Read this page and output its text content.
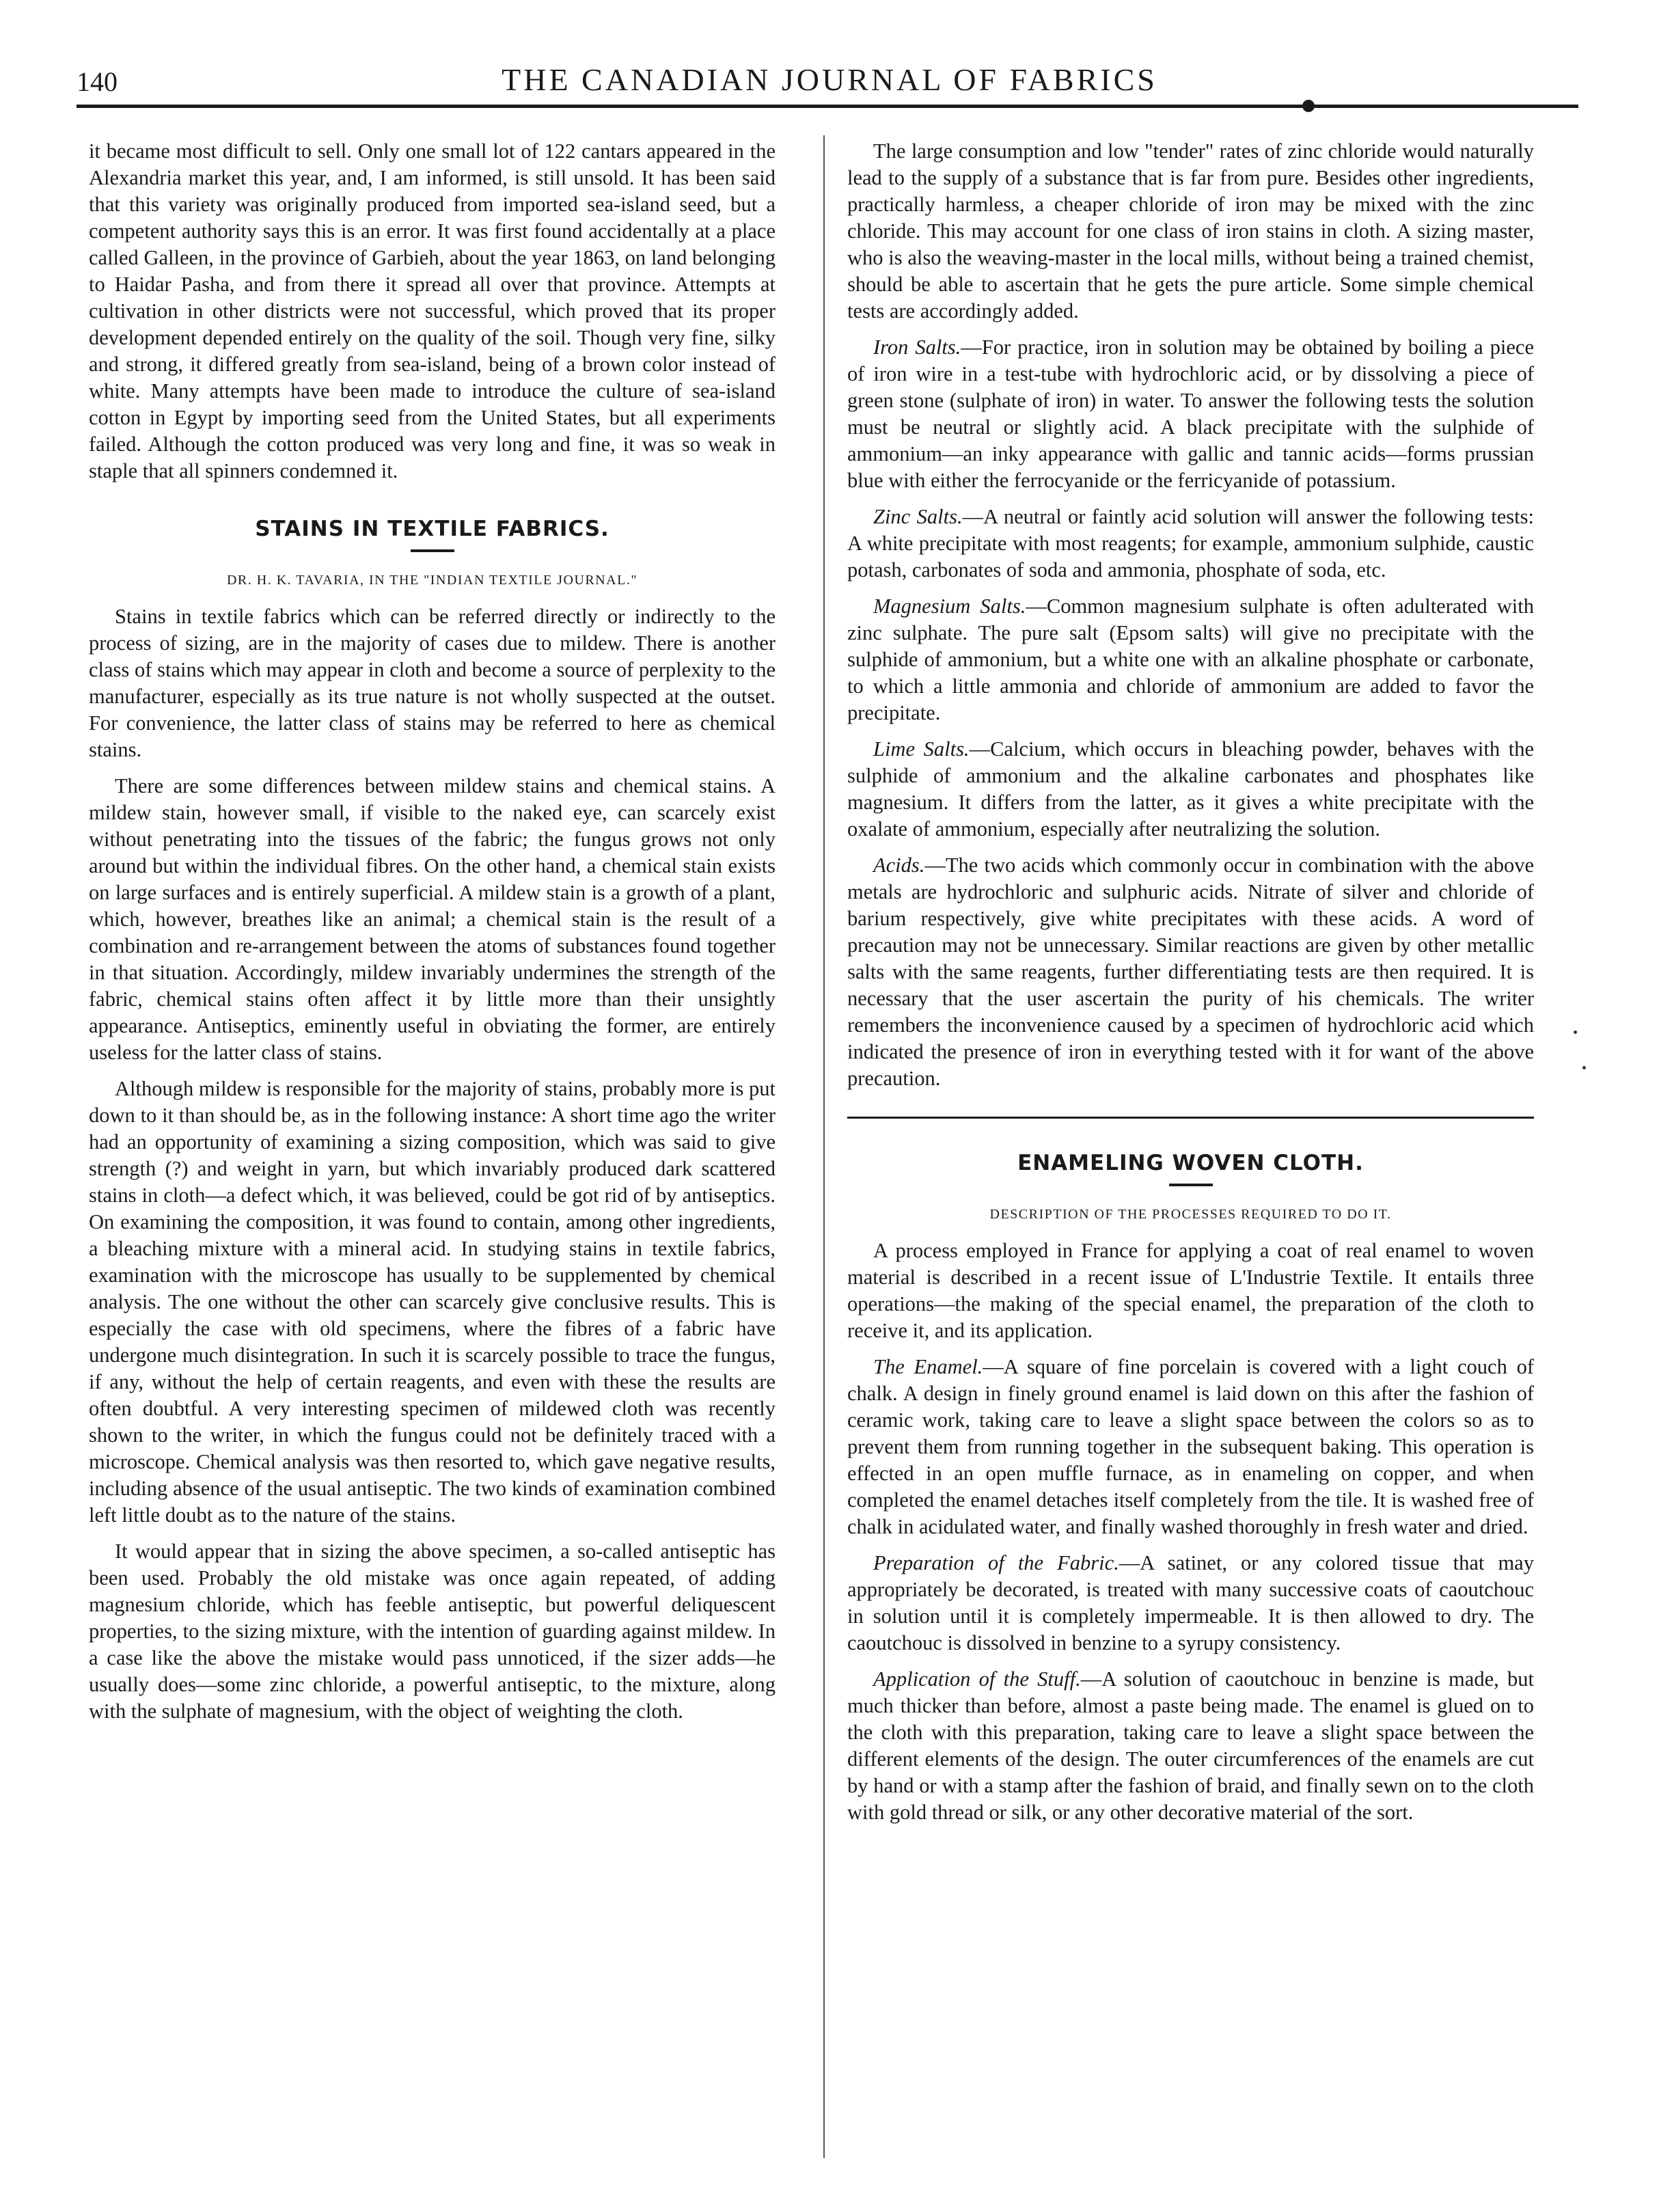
140	THE CANADIAN JOURNAL OF FABRICS

it became most difficult to sell. Only one small lot of 122 cantars appeared in the Alexandria market this year, and, I am informed, is still unsold. It has been said that this variety was originally produced from imported sea-island seed, but a competent authority says this is an error. It was first found accidentally at a place called Galleen, in the province of Garbieh, about the year 1863, on land belonging to Haidar Pasha, and from there it spread all over that province. Attempts at cultivation in other districts were not successful, which proved that its proper development depended entirely on the quality of the soil. Though very fine, silky and strong, it differed greatly from sea-island, being of a brown color instead of white. Many attempts have been made to introduce the culture of sea-island cotton in Egypt by importing seed from the United States, but all experiments failed. Although the cotton produced was very long and fine, it was so weak in staple that all spinners condemned it.

STAINS IN TEXTILE FABRICS.
DR. H. K. TAVARIA, IN THE "INDIAN TEXTILE JOURNAL."

Stains in textile fabrics which can be referred directly or indirectly to the process of sizing, are in the majority of cases due to mildew. There is another class of stains which may appear in cloth and become a source of perplexity to the manufacturer, especially as its true nature is not wholly suspected at the outset. For convenience, the latter class of stains may be referred to here as chemical stains.

There are some differences between mildew stains and chemical stains. A mildew stain, however small, if visible to the naked eye, can scarcely exist without penetrating into the tissues of the fabric; the fungus grows not only around but within the individual fibres. On the other hand, a chemical stain exists on large surfaces and is entirely superficial. A mildew stain is a growth of a plant, which, however, breathes like an animal; a chemical stain is the result of a combination and re-arrangement between the atoms of substances found together in that situation. Accordingly, mildew invariably undermines the strength of the fabric, chemical stains often affect it by little more than their unsightly appearance. Antiseptics, eminently useful in obviating the former, are entirely useless for the latter class of stains.

Although mildew is responsible for the majority of stains, probably more is put down to it than should be, as in the following instance: A short time ago the writer had an opportunity of examining a sizing composition, which was said to give strength (?) and weight in yarn, but which invariably produced dark scattered stains in cloth—a defect which, it was believed, could be got rid of by antiseptics. On examining the composition, it was found to contain, among other ingredients, a bleaching mixture with a mineral acid. In studying stains in textile fabrics, examination with the microscope has usually to be supplemented by chemical analysis. The one without the other can scarcely give conclusive results. This is especially the case with old specimens, where the fibres of a fabric have undergone much disintegration. In such it is scarcely possible to trace the fungus, if any, without the help of certain reagents, and even with these the results are often doubtful. A very interesting specimen of mildewed cloth was recently shown to the writer, in which the fungus could not be definitely traced with a microscope. Chemical analysis was then resorted to, which gave negative results, including absence of the usual antiseptic. The two kinds of examination combined left little doubt as to the nature of the stains.

It would appear that in sizing the above specimen, a so-called antiseptic has been used. Probably the old mistake was once again repeated, of adding magnesium chloride, which has feeble antiseptic, but powerful deliquescent properties, to the sizing mixture, with the intention of guarding against mildew. In a case like the above the mistake would pass unnoticed, if the sizer adds—he usually does—some zinc chloride, a powerful antiseptic, to the mixture, along with the sulphate of magnesium, with the object of weighting the cloth.

The large consumption and low "tender" rates of zinc chloride would naturally lead to the supply of a substance that is far from pure. Besides other ingredients, practically harmless, a cheaper chloride of iron may be mixed with the zinc chloride. This may account for one class of iron stains in cloth. A sizing master, who is also the weaving-master in the local mills, without being a trained chemist, should be able to ascertain that he gets the pure article. Some simple chemical tests are accordingly added.

Iron Salts.—For practice, iron in solution may be obtained by boiling a piece of iron wire in a test-tube with hydrochloric acid, or by dissolving a piece of green stone (sulphate of iron) in water. To answer the following tests the solution must be neutral or slightly acid. A black precipitate with the sulphide of ammonium—an inky appearance with gallic and tannic acids—forms prussian blue with either the ferrocyanide or the ferricyanide of potassium.

Zinc Salts.—A neutral or faintly acid solution will answer the following tests: A white precipitate with most reagents; for example, ammonium sulphide, caustic potash, carbonates of soda and ammonia, phosphate of soda, etc.

Magnesium Salts.—Common magnesium sulphate is often adulterated with zinc sulphate. The pure salt (Epsom salts) will give no precipitate with the sulphide of ammonium, but a white one with an alkaline phosphate or carbonate, to which a little ammonia and chloride of ammonium are added to favor the precipitate.

Lime Salts.—Calcium, which occurs in bleaching powder, behaves with the sulphide of ammonium and the alkaline carbonates and phosphates like magnesium. It differs from the latter, as it gives a white precipitate with the oxalate of ammonium, especially after neutralizing the solution.

Acids.—The two acids which commonly occur in combination with the above metals are hydrochloric and sulphuric acids. Nitrate of silver and chloride of barium respectively, give white precipitates with these acids. A word of precaution may not be unnecessary. Similar reactions are given by other metallic salts with the same reagents, further differentiating tests are then required. It is necessary that the user ascertain the purity of his chemicals. The writer remembers the inconvenience caused by a specimen of hydrochloric acid which indicated the presence of iron in everything tested with it for want of the above precaution.

ENAMELING WOVEN CLOTH.
DESCRIPTION OF THE PROCESSES REQUIRED TO DO IT.

A process employed in France for applying a coat of real enamel to woven material is described in a recent issue of L'Industrie Textile. It entails three operations—the making of the special enamel, the preparation of the cloth to receive it, and its application.

The Enamel.—A square of fine porcelain is covered with a light couch of chalk. A design in finely ground enamel is laid down on this after the fashion of ceramic work, taking care to leave a slight space between the colors so as to prevent them from running together in the subsequent baking. This operation is effected in an open muffle furnace, as in enameling on copper, and when completed the enamel detaches itself completely from the tile. It is washed free of chalk in acidulated water, and finally washed thoroughly in fresh water and dried.

Preparation of the Fabric.—A satinet, or any colored tissue that may appropriately be decorated, is treated with many successive coats of caoutchouc in solution until it is completely impermeable. It is then allowed to dry. The caoutchouc is dissolved in benzine to a syrupy consistency.

Application of the Stuff.—A solution of caoutchouc in benzine is made, but much thicker than before, almost a paste being made. The enamel is glued on to the cloth with this preparation, taking care to leave a slight space between the different elements of the design. The outer circumferences of the enamels are cut by hand or with a stamp after the fashion of braid, and finally sewn on to the cloth with gold thread or silk, or any other decorative material of the sort.
